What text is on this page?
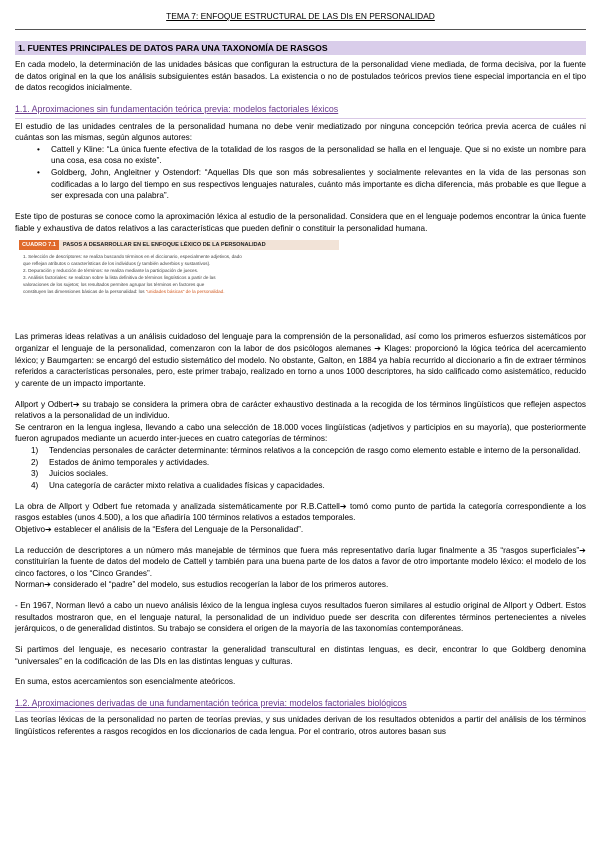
TEMA 7: ENFOQUE ESTRUCTURAL DE LAS DIs EN PERSONALIDAD
1. FUENTES PRINCIPALES DE DATOS PARA UNA TAXONOMÍA DE RASGOS

En cada modelo, la determinación de las unidades básicas que configuran la estructura de la personalidad viene mediada, de forma decisiva, por la fuente de datos original en la que los análisis subsiguientes están basados. La existencia o no de postulados teóricos previos tiene especial importancia en el tipo de datos recogidos inicialmente.

1.1. Aproximaciones sin fundamentación teórica previa: modelos factoriales léxicos

El estudio de las unidades centrales de la personalidad humana no debe venir mediatizado por ninguna concepción teórica previa acerca de cuáles ni cuántas son las mismas, según algunos autores:

• Cattell y Kline: “La única fuente efectiva de la totalidad de los rasgos de la personalidad se halla en el lenguaje. Que si no existe un nombre para una cosa, esa cosa no existe”.
• Goldberg, John, Angleitner y Ostendorf: “Aquellas DIs que son más sobresalientes y socialmente relevantes en la vida de las personas son codificadas a lo largo del tiempo en sus respectivos lenguajes naturales, cuánto más importante es dicha diferencia, más probable es que llegue a ser expresada con una palabra”.

Este tipo de posturas se conoce como la aproximación léxica al estudio de la personalidad. Considera que en el lenguaje podemos encontrar la única fuente fiable y exhaustiva de datos relativos a las características que pueden definir o constituir la personalidad humana.

CUADRO 7.1	PASOS A DESARROLLAR EN EL ENFOQUE LÉXICO DE LA PERSONALIDAD
1. Selección de descriptores: se realiza buscando términos en el diccionario, especialmente adjetivos, dado
que reflejan atributos o características de los individuos (y también adverbios y sustantivos).
2. Depuración y reducción de términos: se realiza mediante la participación de jueces.
3. Análisis factoriales: se realizan sobre la lista definitiva de términos lingüísticos a partir de las
valoraciones de los sujetos; los resultados permiten agrupar los términos en factores que
constituyen las dimensiones básicas de la personalidad: los “unidades básicas” de la personalidad.

Las primeras ideas relativas a un análisis cuidadoso del lenguaje para la comprensión de la personalidad, así como los primeros esfuerzos sistemáticos por organizar el lenguaje de la personalidad, comenzaron con la labor de dos psicólogos alemanes ➔ Klages: proporcionó la lógica teórica del acercamiento léxico; y Baumgarten: se encargó del estudio sistemático del modelo. No obstante, Galton, en 1884 ya había recurrido al diccionario a fin de extraer términos referidos a características personales, pero, este primer trabajo, realizado en torno a unos 1000 descriptores, ha sido calificado como asistemático, reducido y carente de un impacto importante.

Allport y Odbert➔ su trabajo se considera la primera obra de carácter exhaustivo destinada a la recogida de los términos lingüísticos que reflejen aspectos relativos a la personalidad de un individuo.

Se centraron en la lengua inglesa, llevando a cabo una selección de 18.000 voces lingüísticas (adjetivos y participios en su mayoría), que posteriormente fueron agrupados mediante un acuerdo inter-jueces en cuatro categorías de términos:

1) Tendencias personales de carácter determinante: términos relativos a la concepción de rasgo como elemento estable e interno de la personalidad.
2) Estados de ánimo temporales y actividades.
3) Juicios sociales.
4) Una categoría de carácter mixto relativa a cualidades físicas y capacidades.

La obra de Allport y Odbert fue retomada y analizada sistemáticamente por R.B.Cattell➔ tomó como punto de partida la categoría correspondiente a los rasgos estables (unos 4.500), a los que añadiría 100 términos relativos a estados temporales.

Objetivo➔ establecer el análisis de la “Esfera del Lenguaje de la Personalidad”.

La reducción de descriptores a un número más manejable de términos que fuera más representativo daría lugar finalmente a 35 “rasgos superficiales”➔ constituirían la fuente de datos del modelo de Cattell y también para una buena parte de los datos a favor de otro importante modelo léxico: el modelo de los cinco factores, o los “Cinco Grandes”.

Norman➔ considerado el “padre” del modelo, sus estudios recogerían la labor de los primeros autores.

- En 1967, Norman llevó a cabo un nuevo análisis léxico de la lengua inglesa cuyos resultados fueron similares al estudio original de Allport y Odbert. Estos resultados mostraron que, en el lenguaje natural, la personalidad de un individuo puede ser descrita con diferentes términos pertenecientes a niveles jerárquicos, o de generalidad distintos. Su trabajo se considera el origen de la mayoría de las taxonomías contemporáneas.

Si partimos del lenguaje, es necesario contrastar la generalidad transcultural en distintas lenguas, es decir, encontrar lo que Goldberg denomina “universales” en la codificación de las DIs en las distintas lenguas y culturas.

En suma, estos acercamientos son esencialmente ateóricos.

1.2. Aproximaciones derivadas de una fundamentación teórica previa: modelos factoriales biológicos

Las teorías léxicas de la personalidad no parten de teorías previas, y sus unidades derivan de los resultados obtenidos a partir del análisis de los términos lingüísticos referentes a rasgos recogidos en los diccionarios de cada lengua. Por el contrario, otros autores basan sus
